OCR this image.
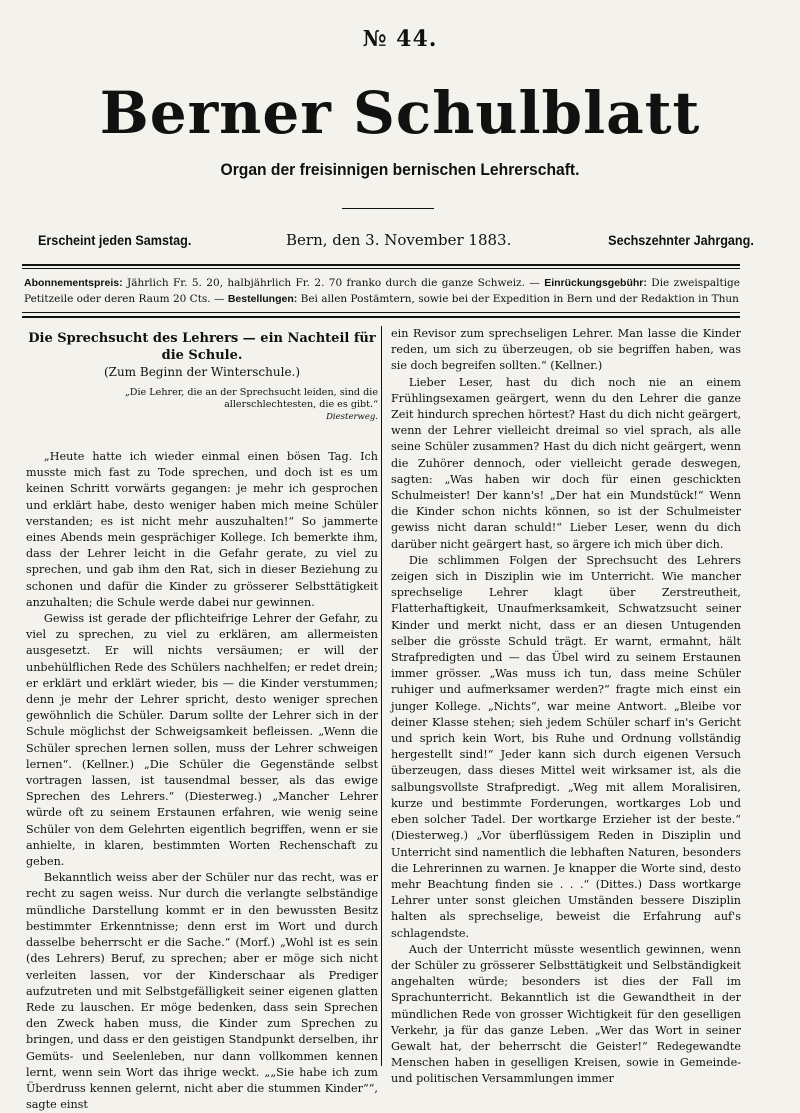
№ 44.
Berner Schulblatt
Organ der freisinnigen bernischen Lehrerschaft.
Erscheint jeden Samstag.	Bern, den 3. November 1883.	Sechszehnter Jahrgang.
Abonnementspreis: Jährlich Fr. 5. 20, halbjährlich Fr. 2. 70 franko durch die ganze Schweiz. — Einrückungsgebühr: Die zweispaltige Petitzeile oder deren Raum 20 Cts. — Bestellungen: Bei allen Postämtern, sowie bei der Expedition in Bern und der Redaktion in Thun
Die Sprechsucht des Lehrers — ein Nachteil für die Schule.
(Zum Beginn der Winterschule.)
„Die Lehrer, die an der Sprechsucht leiden, sind die allerschlechtesten, die es gibt.“
Diesterweg.

„Heute hatte ich wieder einmal einen bösen Tag. Ich musste mich fast zu Tode sprechen, und doch ist es um keinen Schritt vorwärts gegangen: je mehr ich gesprochen und erklärt habe, desto weniger haben mich meine Schüler verstanden; es ist nicht mehr auszuhalten!“ So jammerte eines Abends mein gesprächiger Kollege. Ich bemerkte ihm, dass der Lehrer leicht in die Gefahr gerate, zu viel zu sprechen, und gab ihm den Rat, sich in dieser Beziehung zu schonen und dafür die Kinder zu grösserer Selbsttätigkeit anzuhalten; die Schule werde dabei nur gewinnen.

Gewiss ist gerade der pflichteifrige Lehrer der Gefahr, zu viel zu sprechen, zu viel zu erklären, am allermeisten ausgesetzt. Er will nichts versäumen; er will der unbehülflichen Rede des Schülers nachhelfen; er redet drein; er erklärt und erklärt wieder, bis — die Kinder verstummen; denn je mehr der Lehrer spricht, desto weniger sprechen gewöhnlich die Schüler. Darum sollte der Lehrer sich in der Schule möglichst der Schweigsamkeit befleissen. „Wenn die Schüler sprechen lernen sollen, muss der Lehrer schweigen lernen“. (Kellner.) „Die Schüler die Gegenstände selbst vortragen lassen, ist tausendmal besser, als das ewige Sprechen des Lehrers.“ (Diesterweg.) „Mancher Lehrer würde oft zu seinem Erstaunen erfahren, wie wenig seine Schüler von dem Gelehrten eigentlich begriffen, wenn er sie anhielte, in klaren, bestimmten Worten Rechenschaft zu geben.

Bekanntlich weiss aber der Schüler nur das recht, was er recht zu sagen weiss. Nur durch die verlangte selbständige mündliche Darstellung kommt er in den bewussten Besitz bestimmter Erkenntnisse; denn erst im Wort und durch dasselbe beherrscht er die Sache.“ (Morf.) „Wohl ist es sein (des Lehrers) Beruf, zu sprechen; aber er möge sich nicht verleiten lassen, vor der Kinderschaar als Prediger aufzutreten und mit Selbstgefälligkeit seiner eigenen glatten Rede zu lauschen. Er möge bedenken, dass sein Sprechen den Zweck haben muss, die Kinder zum Sprechen zu bringen, und dass er den geistigen Standpunkt derselben, ihr Gemüts- und Seelenleben, nur dann vollkommen kennen lernt, wenn sein Wort das ihrige weckt. „„Sie habe ich zum Überdruss kennen gelernt, nicht aber die stummen Kinder““, sagte einst

ein Revisor zum sprechseligen Lehrer. Man lasse die Kinder reden, um sich zu überzeugen, ob sie begriffen haben, was sie doch begreifen sollten.“ (Kellner.)

Lieber Leser, hast du dich noch nie an einem Frühlingsexamen geärgert, wenn du den Lehrer die ganze Zeit hindurch sprechen hörtest? Hast du dich nicht geärgert, wenn der Lehrer vielleicht dreimal so viel sprach, als alle seine Schüler zusammen? Hast du dich nicht geärgert, wenn die Zuhörer dennoch, oder vielleicht gerade deswegen, sagten: „Was haben wir doch für einen geschickten Schulmeister! Der kann's! „Der hat ein Mundstück!“ Wenn die Kinder schon nichts können, so ist der Schulmeister gewiss nicht daran schuld!“ Lieber Leser, wenn du dich darüber nicht geärgert hast, so ärgere ich mich über dich.

Die schlimmen Folgen der Sprechsucht des Lehrers zeigen sich in Disziplin wie im Unterricht. Wie mancher sprechselige Lehrer klagt über Zerstreutheit, Flatterhaftigkeit, Unaufmerksamkeit, Schwatzsucht seiner Kinder und merkt nicht, dass er an diesen Untugenden selber die grösste Schuld trägt. Er warnt, ermahnt, hält Strafpredigten und — das Übel wird zu seinem Erstaunen immer grösser. „Was muss ich tun, dass meine Schüler ruhiger und aufmerksamer werden?“ fragte mich einst ein junger Kollege. „Nichts“, war meine Antwort. „Bleibe vor deiner Klasse stehen; sieh jedem Schüler scharf in's Gericht und sprich kein Wort, bis Ruhe und Ordnung vollständig hergestellt sind!“ Jeder kann sich durch eigenen Versuch überzeugen, dass dieses Mittel weit wirksamer ist, als die salbungsvollste Strafpredigt. „Weg mit allem Moralisiren, kurze und bestimmte Forderungen, wortkarges Lob und eben solcher Tadel. Der wortkarge Erzieher ist der beste.“ (Diesterweg.) „Vor überflüssigem Reden in Disziplin und Unterricht sind namentlich die lebhaften Naturen, besonders die Lehrerinnen zu warnen. Je knapper die Worte sind, desto mehr Beachtung finden sie . . .“ (Dittes.) Dass wortkarge Lehrer unter sonst gleichen Umständen bessere Disziplin halten als sprechselige, beweist die Erfahrung auf's schlagendste.

Auch der Unterricht müsste wesentlich gewinnen, wenn der Schüler zu grösserer Selbsttätigkeit und Selbständigkeit angehalten würde; besonders ist dies der Fall im Sprachunterricht. Bekanntlich ist die Gewandtheit in der mündlichen Rede von grosser Wichtigkeit für den geselligen Verkehr, ja für das ganze Leben. „Wer das Wort in seiner Gewalt hat, der beherrscht die Geister!“ Redegewandte Menschen haben in geselligen Kreisen, sowie in Gemeinde- und politischen Versammlungen immer
